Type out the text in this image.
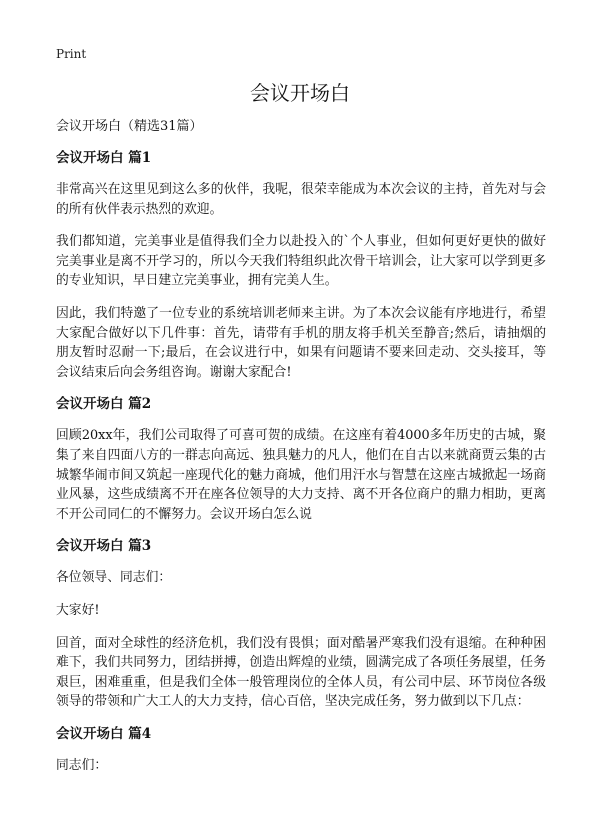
Print
会议开场白
会议开场白（精选31篇）
会议开场白 篇1

非常高兴在这里见到这么多的伙伴，我呢，很荣幸能成为本次会议的主持，首先对与会的所有伙伴表示热烈的欢迎。

我们都知道，完美事业是值得我们全力以赴投入的`个人事业，但如何更好更快的做好完美事业是离不开学习的，所以今天我们特组织此次骨干培训会，让大家可以学到更多的专业知识，早日建立完美事业，拥有完美人生。

因此，我们特邀了一位专业的系统培训老师来主讲。为了本次会议能有序地进行，希望大家配合做好以下几件事：首先，请带有手机的朋友将手机关至静音;然后，请抽烟的朋友暂时忍耐一下;最后，在会议进行中，如果有问题请不要来回走动、交头接耳，等会议结束后向会务组咨询。谢谢大家配合!

会议开场白 篇2

回顾20xx年，我们公司取得了可喜可贺的成绩。在这座有着4000多年历史的古城，聚集了来自四面八方的一群志向高远、独具魅力的凡人，他们在自古以来就商贾云集的古城繁华闹市间又筑起一座现代化的魅力商城，他们用汗水与智慧在这座古城掀起一场商业风暴，这些成绩离不开在座各位领导的大力支持、离不开各位商户的鼎力相助，更离不开公司同仁的不懈努力。会议开场白怎么说

会议开场白 篇3

各位领导、同志们：

大家好!

回首，面对全球性的经济危机，我们没有畏惧；面对酷暑严寒我们没有退缩。在种种困难下，我们共同努力，团结拼搏，创造出辉煌的业绩，圆满完成了各项任务展望，任务艰巨，困难重重，但是我们全体一般管理岗位的全体人员，有公司中层、环节岗位各级领导的带领和广大工人的大力支持，信心百倍，坚决完成任务，努力做到以下几点：

会议开场白 篇4

同志们：
